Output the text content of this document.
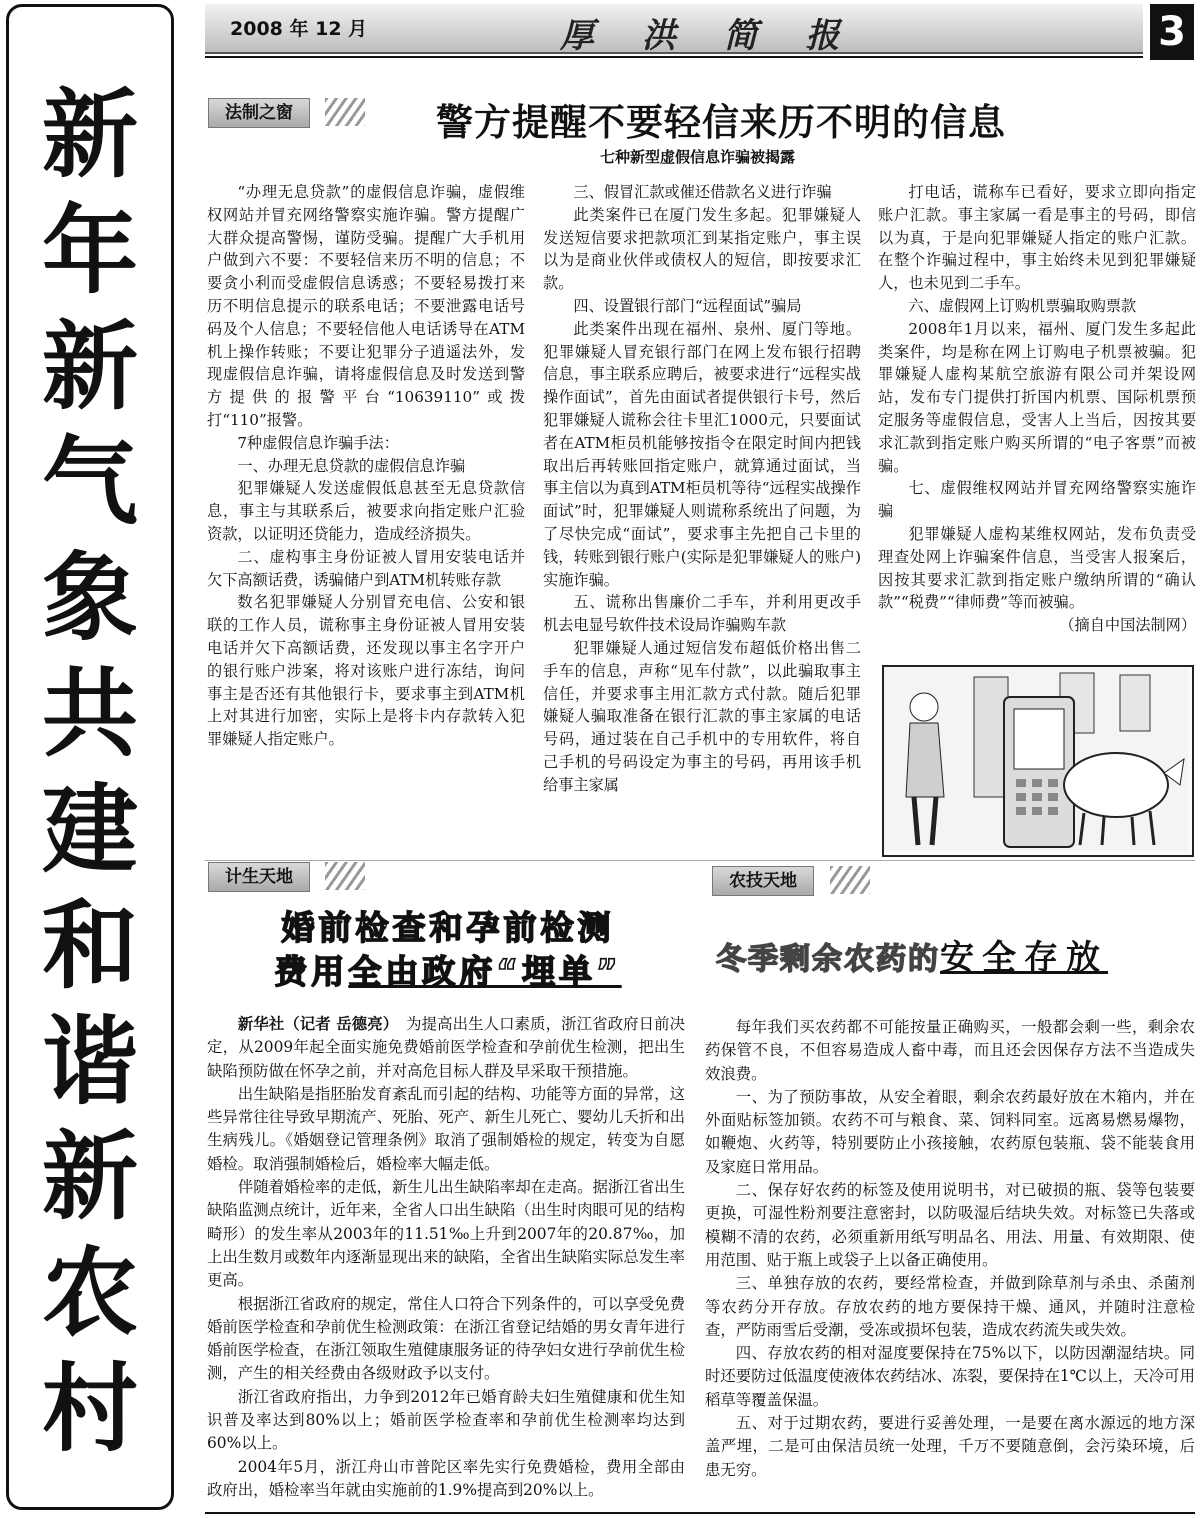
新
年
新
气
象
共
建
和
谐
新
农
村
2008 年 12 月	厚 洪 简 报	3
法制之窗	警方提醒不要轻信来历不明的信息
七种新型虚假信息诈骗被揭露

“办理无息贷款”的虚假信息诈骗，虚假维权网站并冒充网络警察实施诈骗。警方提醒广大群众提高警惕，谨防受骗。提醒广大手机用户做到六不要：不要轻信来历不明的信息；不要贪小利而受虚假信息诱惑；不要轻易拨打来历不明信息提示的联系电话；不要泄露电话号码及个人信息；不要轻信他人电话诱导在ATM机上操作转账；不要让犯罪分子逍遥法外，发现虚假信息诈骗，请将虚假信息及时发送到警方提供的报警平台“10639110”或拨打“110”报警。

7种虚假信息诈骗手法：

一、办理无息贷款的虚假信息诈骗

犯罪嫌疑人发送虚假低息甚至无息贷款信息，事主与其联系后，被要求向指定账户汇验资款，以证明还贷能力，造成经济损失。

二、虚构事主身份证被人冒用安装电话并欠下高额话费，诱骗储户到ATM机转账存款

数名犯罪嫌疑人分别冒充电信、公安和银联的工作人员，谎称事主身份证被人冒用安装电话并欠下高额话费，还发现以事主名字开户的银行账户涉案，将对该账户进行冻结，询问事主是否还有其他银行卡，要求事主到ATM机上对其进行加密，实际上是将卡内存款转入犯罪嫌疑人指定账户。

三、假冒汇款或催还借款名义进行诈骗

此类案件已在厦门发生多起。犯罪嫌疑人发送短信要求把款项汇到某指定账户，事主误以为是商业伙伴或债权人的短信，即按要求汇款。

四、设置银行部门“远程面试”骗局

此类案件出现在福州、泉州、厦门等地。犯罪嫌疑人冒充银行部门在网上发布银行招聘信息，事主联系应聘后，被要求进行“远程实战操作面试”，首先由面试者提供银行卡号，然后犯罪嫌疑人谎称会往卡里汇1000元，只要面试者在ATM柜员机能够按指令在限定时间内把钱取出后再转账回指定账户，就算通过面试，当事主信以为真到ATM柜员机等待“远程实战操作面试”时，犯罪嫌疑人则谎称系统出了问题，为了尽快完成“面试”，要求事主先把自己卡里的钱，转账到银行账户(实际是犯罪嫌疑人的账户)实施诈骗。

五、谎称出售廉价二手车，并利用更改手机去电显号软件技术设局诈骗购车款

犯罪嫌疑人通过短信发布超低价格出售二手车的信息，声称“见车付款”，以此骗取事主信任，并要求事主用汇款方式付款。随后犯罪嫌疑人骗取准备在银行汇款的事主家属的电话号码，通过装在自己手机中的专用软件，将自己手机的号码设定为事主的号码，再用该手机给事主家属

打电话，谎称车已看好，要求立即向指定账户汇款。事主家属一看是事主的号码，即信以为真，于是向犯罪嫌疑人指定的账户汇款。在整个诈骗过程中，事主始终未见到犯罪嫌疑人，也未见到二手车。

六、虚假网上订购机票骗取购票款

2008年1月以来，福州、厦门发生多起此类案件，均是称在网上订购电子机票被骗。犯罪嫌疑人虚构某航空旅游有限公司并架设网站，发布专门提供打折国内机票、国际机票预定服务等虚假信息，受害人上当后，因按其要求汇款到指定账户购买所谓的“电子客票”而被骗。

七、虚假维权网站并冒充网络警察实施诈骗

犯罪嫌疑人虚构某维权网站，发布负责受理查处网上诈骗案件信息，当受害人报案后，因按其要求汇款到指定账户缴纳所谓的“确认款”“税费”“律师费”等而被骗。

（摘自中国法制网）

计生天地
婚前检查和孕前检测
费用全由政府“埋单”

新华社（记者 岳德亮）　 为提高出生人口素质，浙江省政府日前决定，从2009年起全面实施免费婚前医学检查和孕前优生检测，把出生缺陷预防做在怀孕之前，并对高危目标人群及早采取干预措施。

出生缺陷是指胚胎发育紊乱而引起的结构、功能等方面的异常，这些异常往往导致早期流产、死胎、死产、新生儿死亡、婴幼儿夭折和出生病残儿。《婚姻登记管理条例》取消了强制婚检的规定，转变为自愿婚检。取消强制婚检后，婚检率大幅走低。

伴随着婚检率的走低，新生儿出生缺陷率却在走高。据浙江省出生缺陷监测点统计，近年来，全省人口出生缺陷（出生时肉眼可见的结构畸形）的发生率从2003年的11.51‰上升到2007年的20.87‰，加上出生数月或数年内逐渐显现出来的缺陷，全省出生缺陷实际总发生率更高。

根据浙江省政府的规定，常住人口符合下列条件的，可以享受免费婚前医学检查和孕前优生检测政策：在浙江省登记结婚的男女青年进行婚前医学检查，在浙江领取生殖健康服务证的待孕妇女进行孕前优生检测，产生的相关经费由各级财政予以支付。

浙江省政府指出，力争到2012年已婚育龄夫妇生殖健康和优生知识普及率达到80%以上；婚前医学检查率和孕前优生检测率均达到60%以上。

2004年5月，浙江舟山市普陀区率先实行免费婚检，费用全部由政府出，婚检率当年就由实施前的1.9%提高到20%以上。

农技天地
冬季剩余农药的安全存放

每年我们买农药都不可能按量正确购买，一般都会剩一些，剩余农药保管不良，不但容易造成人畜中毒，而且还会因保存方法不当造成失效浪费。

一、为了预防事故，从安全着眼，剩余农药最好放在木箱内，并在外面贴标签加锁。农药不可与粮食、菜、饲料同室。远离易燃易爆物，如鞭炮、火药等，特别要防止小孩接触，农药原包装瓶、袋不能装食用及家庭日常用品。

二、保存好农药的标签及使用说明书，对已破损的瓶、袋等包装要更换，可湿性粉剂要注意密封，以防吸湿后结块失效。对标签已失落或模糊不清的农药，必须重新用纸写明品名、用法、用量、有效期限、使用范围、贴于瓶上或袋子上以备正确使用。

三、单独存放的农药，要经常检查，并做到除草剂与杀虫、杀菌剂等农药分开存放。存放农药的地方要保持干燥、通风，并随时注意检查，严防雨雪后受潮，受冻或损坏包装，造成农药流失或失效。

四、存放农药的相对湿度要保持在75%以下，以防因潮湿结块。同时还要防过低温度使液体农药结冰、冻裂，要保持在1℃以上，天冷可用稻草等覆盖保温。

五、对于过期农药，要进行妥善处理，一是要在离水源远的地方深盖严埋，二是可由保洁员统一处理，千万不要随意倒，会污染环境，后患无穷。
